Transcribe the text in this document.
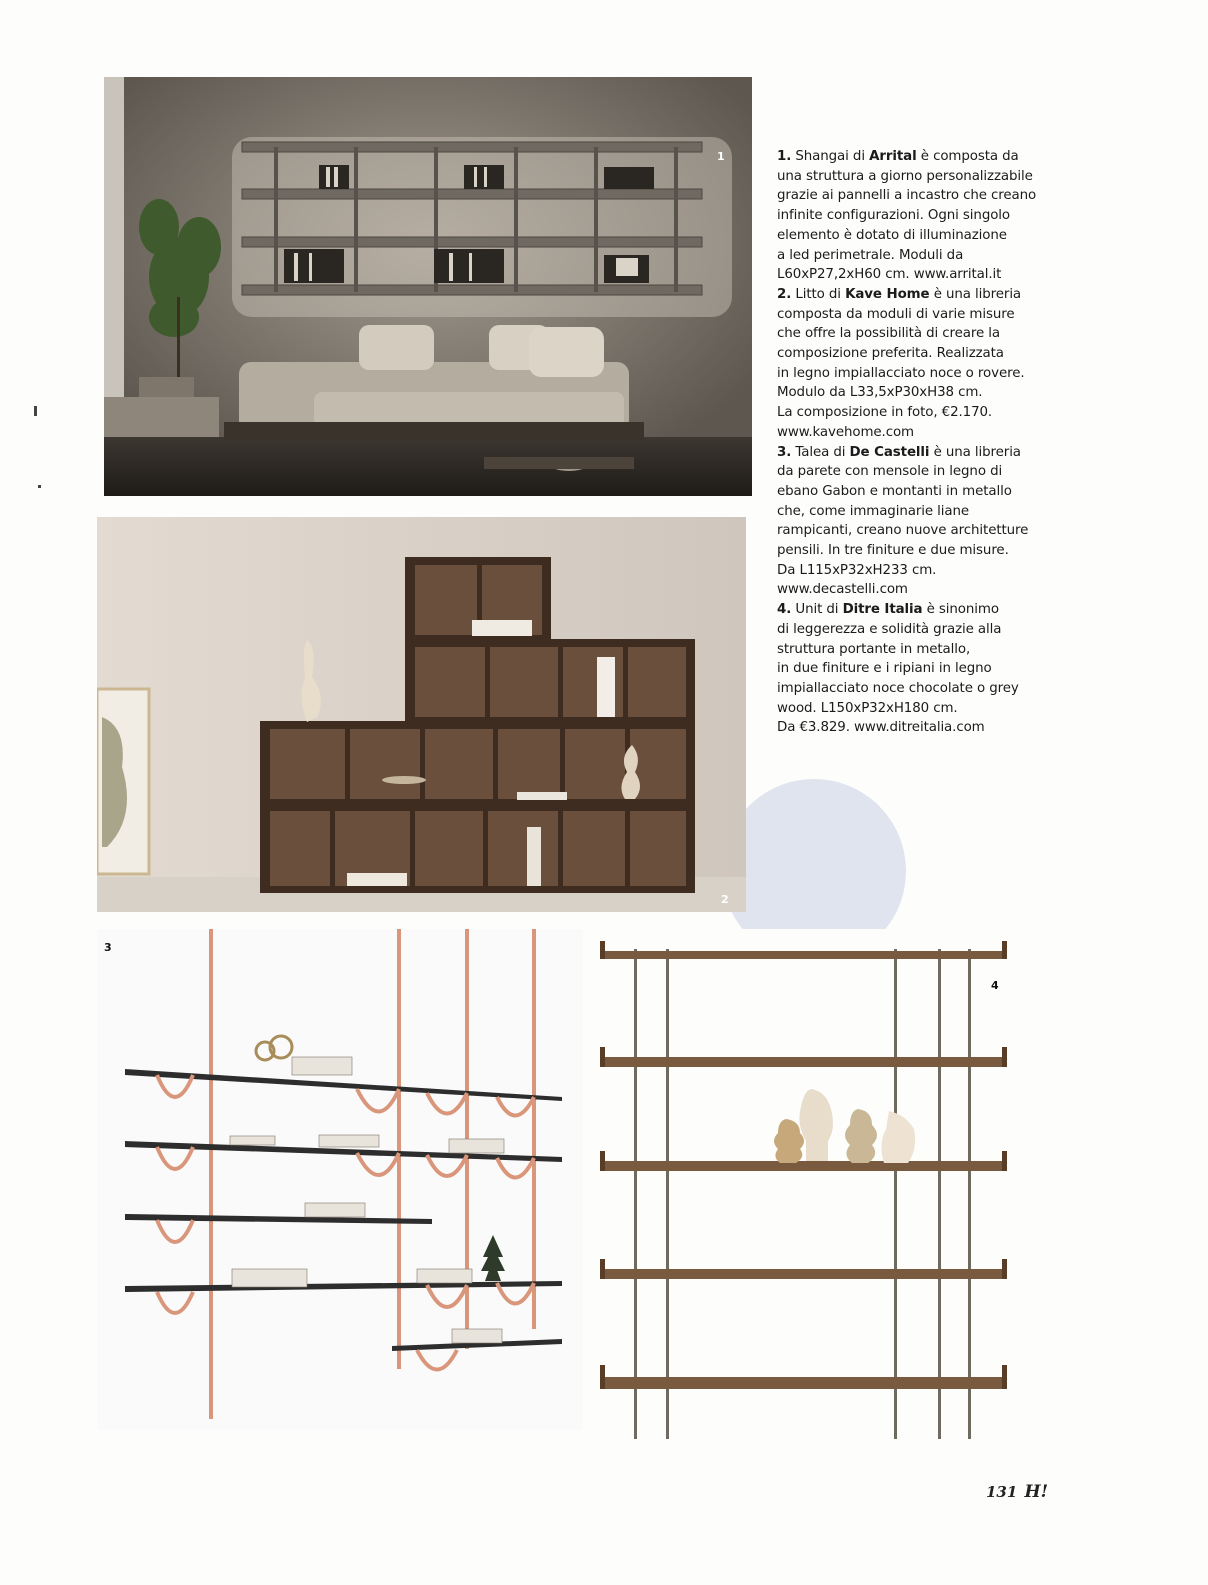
1
2
3
4

1. Shangai di Arrital è composta da
una struttura a giorno personalizzabile
grazie ai pannelli a incastro che creano
infinite configurazioni. Ogni singolo
elemento è dotato di illuminazione
a led perimetrale. Moduli da
L60xP27,2xH60 cm. www.arrital.it

2. Litto di Kave Home è una libreria
composta da moduli di varie misure
che offre la possibilità di creare la
composizione preferita. Realizzata
in legno impiallacciato noce o rovere.
Modulo da L33,5xP30xH38 cm.
La composizione in foto, €2.170.
www.kavehome.com

3. Talea di De Castelli è una libreria
da parete con mensole in legno di
ebano Gabon e montanti in metallo
che, come immaginarie liane
rampicanti, creano nuove architetture
pensili. In tre finiture e due misure.
Da L115xP32xH233 cm.
www.decastelli.com

4. Unit di Ditre Italia è sinonimo
di leggerezza e solidità grazie alla
struttura portante in metallo,
in due finiture e i ripiani in legno
impiallacciato noce chocolate o grey
wood. L150xP32xH180 cm.
Da €3.829. www.ditreitalia.com

131 H!
